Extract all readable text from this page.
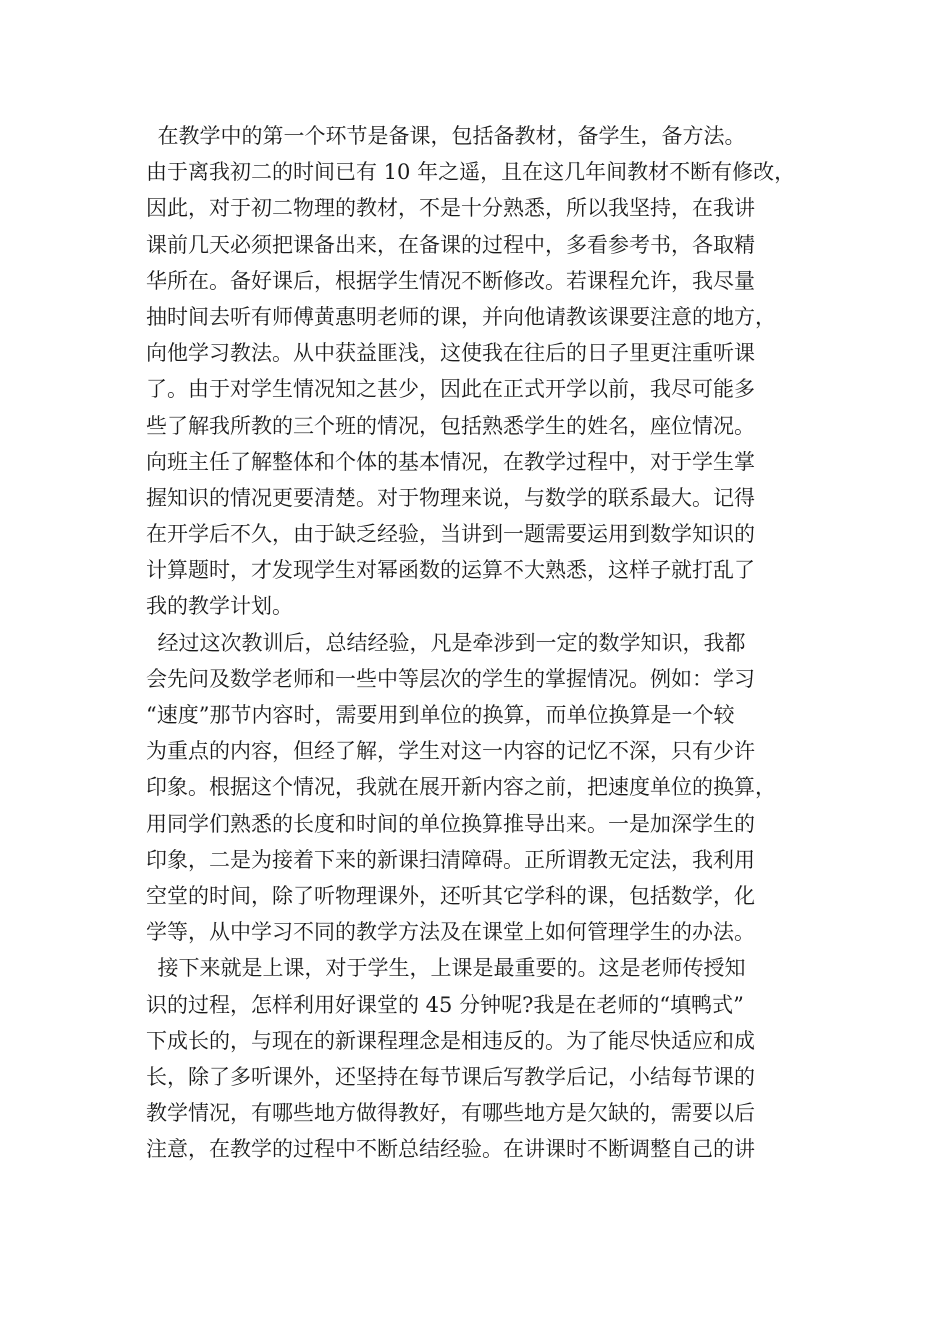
在教学中的第一个环节是备课，包括备教材，备学生，备方法。
由于离我初二的时间已有 10 年之遥，且在这几年间教材不断有修改，
因此，对于初二物理的教材，不是十分熟悉，所以我坚持，在我讲
课前几天必须把课备出来，在备课的过程中，多看参考书，各取精
华所在。备好课后，根据学生情况不断修改。若课程允许，我尽量
抽时间去听有师傅黄惠明老师的课，并向他请教该课要注意的地方，
向他学习教法。从中获益匪浅，这使我在往后的日子里更注重听课
了。由于对学生情况知之甚少，因此在正式开学以前，我尽可能多
些了解我所教的三个班的情况，包括熟悉学生的姓名，座位情况。
向班主任了解整体和个体的基本情况，在教学过程中，对于学生掌
握知识的情况更要清楚。对于物理来说，与数学的联系最大。记得
在开学后不久，由于缺乏经验，当讲到一题需要运用到数学知识的
计算题时，才发现学生对幂函数的运算不大熟悉，这样子就打乱了
我的教学计划。

经过这次教训后，总结经验，凡是牵涉到一定的数学知识，我都
会先问及数学老师和一些中等层次的学生的掌握情况。例如：学习
“速度”那节内容时，需要用到单位的换算，而单位换算是一个较
为重点的内容，但经了解，学生对这一内容的记忆不深，只有少许
印象。根据这个情况，我就在展开新内容之前，把速度单位的换算，
用同学们熟悉的长度和时间的单位换算推导出来。一是加深学生的
印象，二是为接着下来的新课扫清障碍。正所谓教无定法，我利用
空堂的时间，除了听物理课外，还听其它学科的课，包括数学，化
学等，从中学习不同的教学方法及在课堂上如何管理学生的办法。

接下来就是上课，对于学生，上课是最重要的。这是老师传授知
识的过程，怎样利用好课堂的 45 分钟呢?我是在老师的“填鸭式”
下成长的，与现在的新课程理念是相违反的。为了能尽快适应和成
长，除了多听课外，还坚持在每节课后写教学后记，小结每节课的
教学情况，有哪些地方做得教好，有哪些地方是欠缺的，需要以后
注意，在教学的过程中不断总结经验。在讲课时不断调整自己的讲
